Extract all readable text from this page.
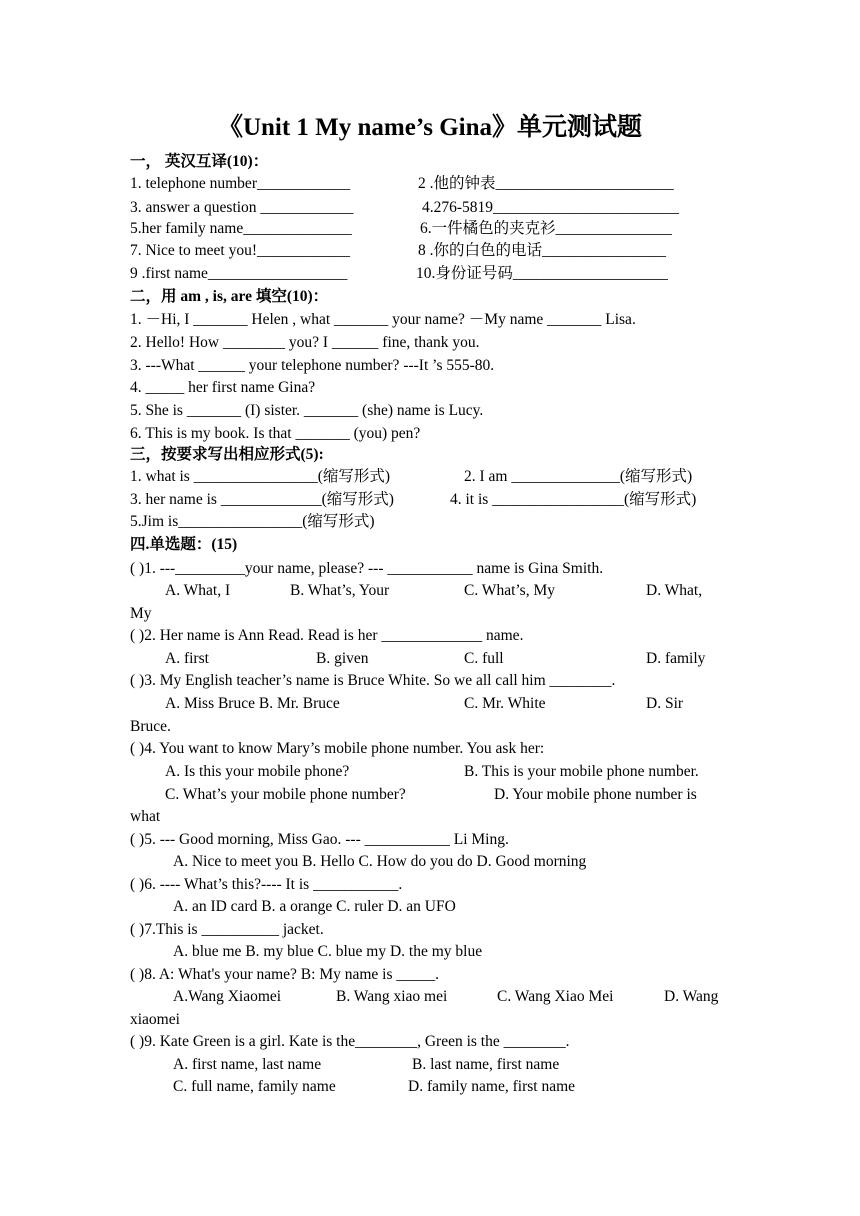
《Unit 1 My name’s Gina》单元测试题
一， 英汉互译(10)：
1. telephone number____________	2 .他的钟表_______________________
3. answer a question ____________	4.276-5819________________________
5.her family name______________	6.一件橘色的夹克衫_______________
7. Nice to meet you!____________	8 .你的白色的电话________________
9 .first name__________________	10.身份证号码____________________
二，用 am , is, are 填空(10)：
1. －Hi, I _______ Helen , what _______ your name? －My name _______ Lisa.
2. Hello! How ________ you? I ______ fine, thank you.
3. ---What ______ your telephone number? ---It ’s 555-80.
4. _____ her first name Gina?
5. She is _______ (I) sister. _______ (she) name is Lucy.
6. This is my book. Is that _______ (you) pen?
三，按要求写出相应形式(5):
1. what is ________________(缩写形式)	2. I am ______________(缩写形式)
3. her name is _____________(缩写形式)	4. it is _________________(缩写形式)
5.Jim is________________(缩写形式)
四.单选题：(15)
( )1. ---_________your name, please? --- ___________ name is Gina Smith.
A. What, I	B. What’s, Your	C. What’s, My	D. What,
My
( )2. Her name is Ann Read. Read is her _____________ name.
A. first	B. given	C. full	D. family
( )3. My English teacher’s name is Bruce White. So we all call him ________.
A. Miss Bruce B. Mr. Bruce	C. Mr. White	D. Sir
Bruce.
( )4. You want to know Mary’s mobile phone number. You ask her:
A. Is this your mobile phone?	B. This is your mobile phone number.
C. What’s your mobile phone number?	D. Your mobile phone number is
what
( )5. --- Good morning, Miss Gao. --- ___________ Li Ming.
A. Nice to meet you B. Hello C. How do you do D. Good morning
( )6. ---- What’s this?---- It is ___________.
A. an ID card B. a orange C. ruler D. an UFO
( )7.This is __________ jacket.
A. blue me B. my blue C. blue my D. the my blue
( )8. A: What's your name? B: My name is _____.
A.Wang Xiaomei	B. Wang xiao mei	C. Wang Xiao Mei	D. Wang
xiaomei
( )9. Kate Green is a girl. Kate is the________, Green is the ________.
A. first name, last name	B. last name, first name
C. full name, family name	D. family name, first name
